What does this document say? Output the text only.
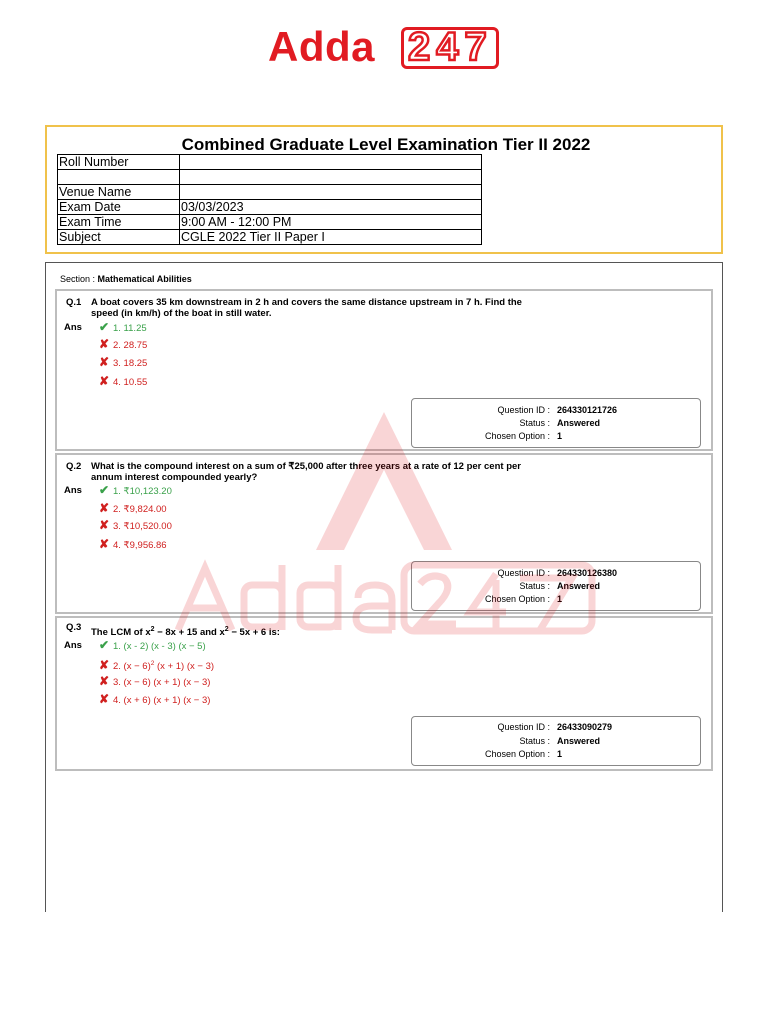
Adda 247
Combined Graduate Level Examination Tier II 2022
Roll Number	

Venue Name	
Exam Date	03/03/2023
Exam Time	9:00 AM - 12:00 PM
Subject	CGLE 2022 Tier II Paper I
Section : Mathematical Abilities
Q.1 A boat covers 35 km downstream in 2 h and covers the same distance upstream in 7 h. Find the speed (in km/h) of the boat in still water.
Ans ✔ 1. 11.25
✘ 2. 28.75
✘ 3. 18.25
✘ 4. 10.55
Question ID : 264330121726
Status : Answered
Chosen Option : 1
Q.2 What is the compound interest on a sum of ₹25,000 after three years at a rate of 12 per cent per annum interest compounded yearly?
Ans ✔ 1. ₹10,123.20
✘ 2. ₹9,824.00
✘ 3. ₹10,520.00
✘ 4. ₹9,956.86
Question ID : 264330126380
Status : Answered
Chosen Option : 1
Q.3 The LCM of $x^2 - 8x + 15$ and $x^2 - 5x + 6$ is:
Ans ✔ 1. (x - 2) (x - 3) (x − 5)
✘ 2. $(x - 6)^2$ (x + 1) (x − 3)
✘ 3. (x − 6) (x + 1) (x − 3)
✘ 4. (x + 6) (x + 1) (x − 3)
Question ID : 26433090279
Status : Answered
Chosen Option : 1
